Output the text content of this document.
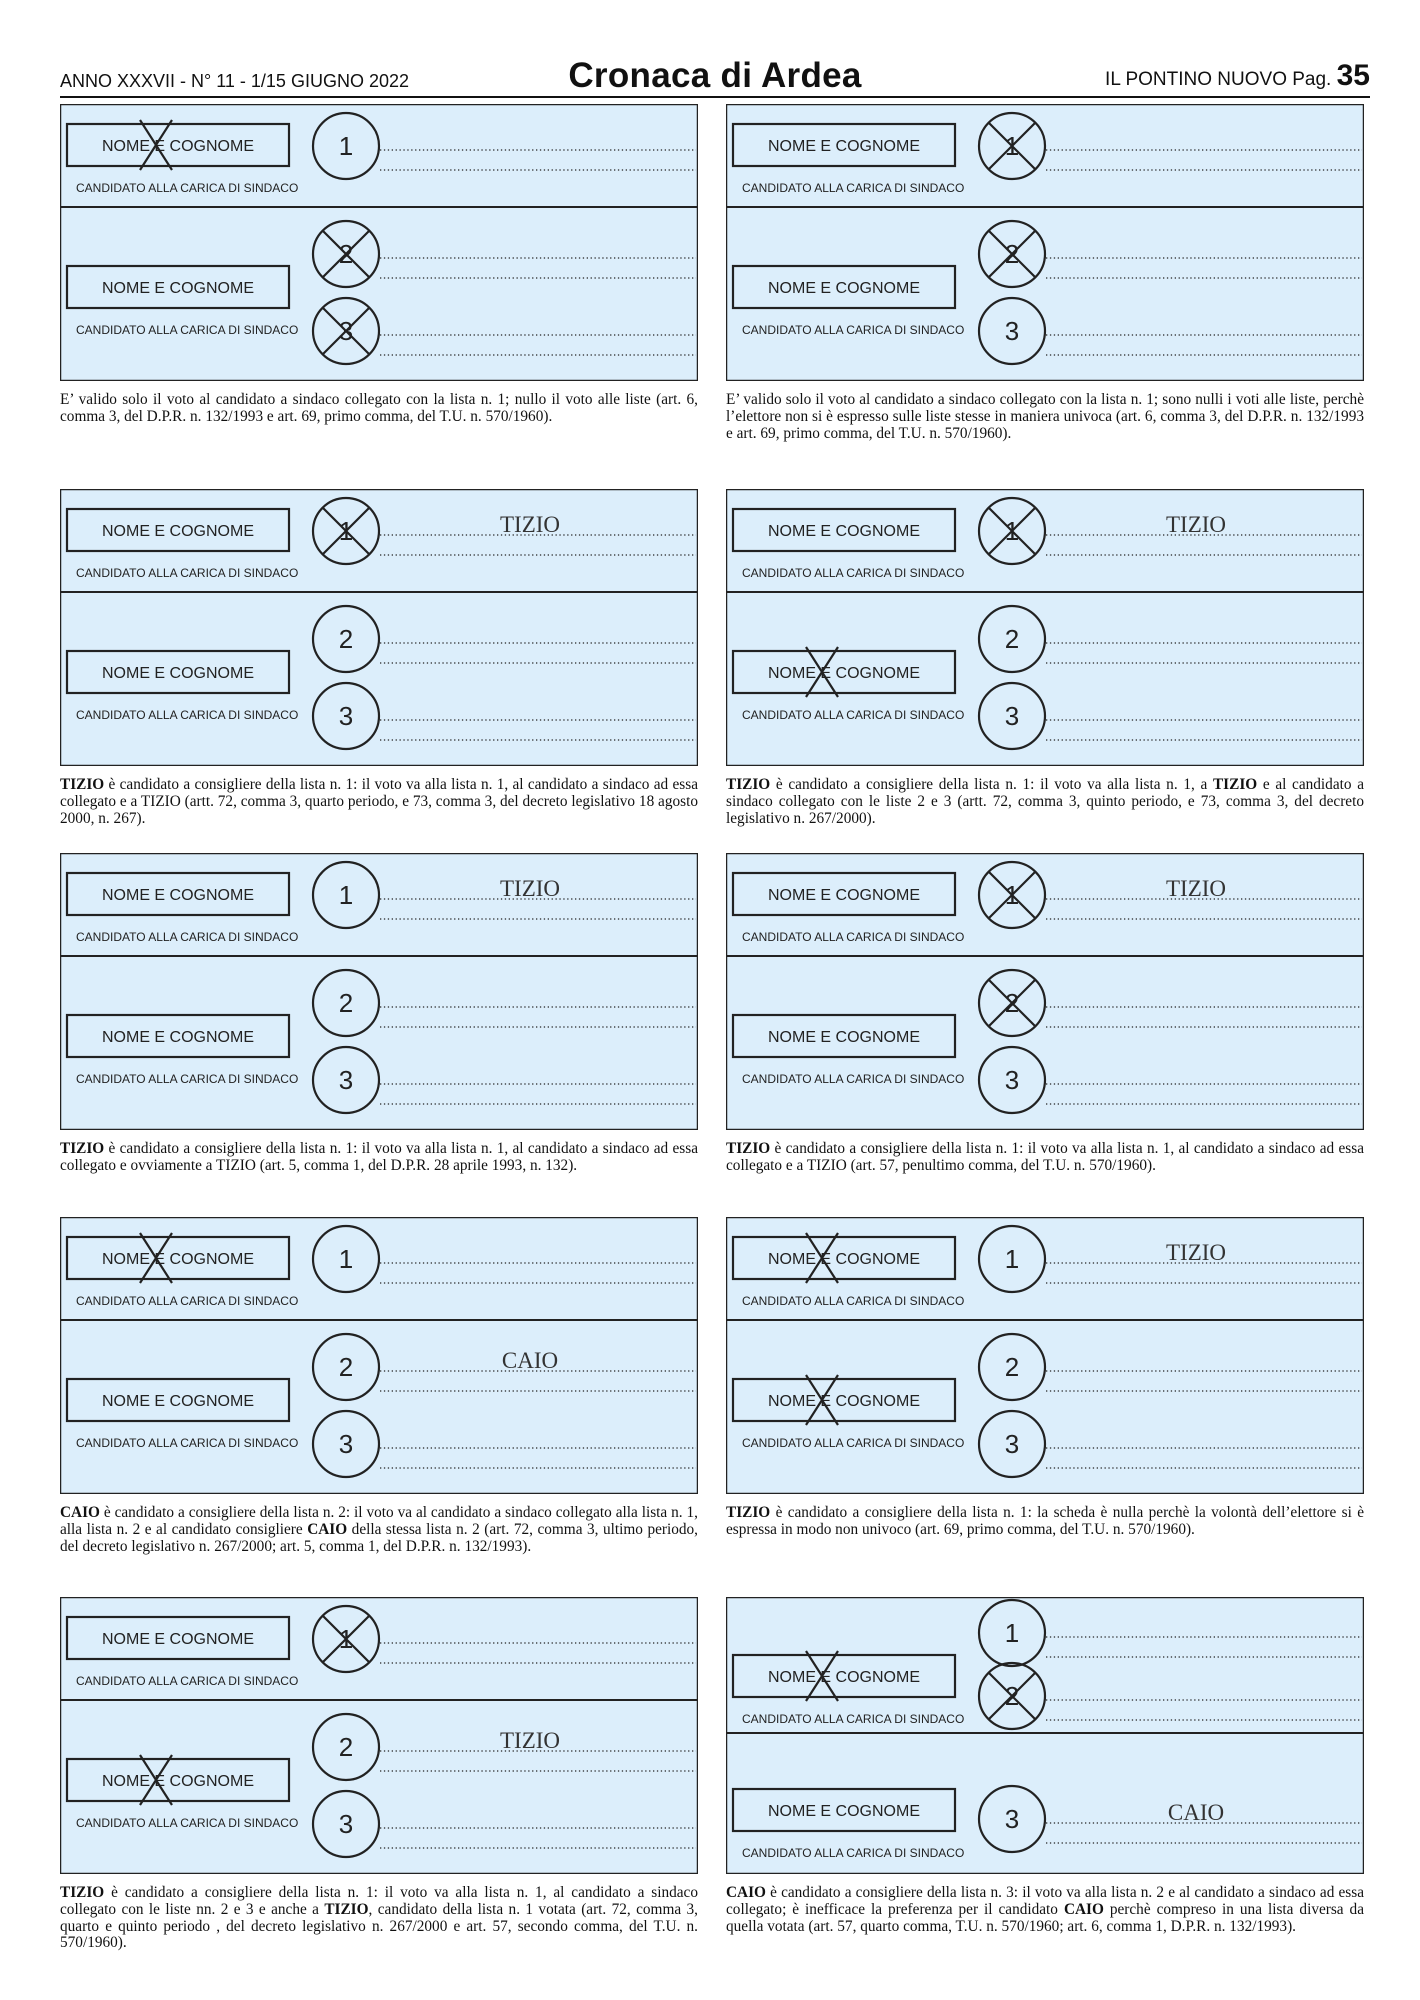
ANNO XXXVII - N° 11 - 1/15 GIUGNO 2022	Cronaca di Ardea	IL PONTINO NUOVO Pag. 35
NOME E COGNOME
CANDIDATO ALLA CARICA DI SINDACO
NOME E COGNOME
CANDIDATO ALLA CARICA DI SINDACO
1
2
3
E’ valido solo il voto al candidato a sindaco collegato con la lista n. 1; nullo il voto alle liste (art. 6, comma 3, del D.P.R. n. 132/1993 e art. 69, primo comma, del T.U. n. 570/1960).
NOME E COGNOME
CANDIDATO ALLA CARICA DI SINDACO
NOME E COGNOME
CANDIDATO ALLA CARICA DI SINDACO
1
2
3
E’ valido solo il voto al candidato a sindaco collegato con la lista n. 1; sono nulli i voti alle liste, perchè l’elettore non si è espresso sulle liste stesse in maniera univoca (art. 6, comma 3, del D.P.R. n. 132/1993 e art. 69, primo comma, del T.U. n. 570/1960).
NOME E COGNOME
CANDIDATO ALLA CARICA DI SINDACO
NOME E COGNOME
CANDIDATO ALLA CARICA DI SINDACO
1	TIZIO
2
3
TIZIO è candidato a consigliere della lista n. 1: il voto va alla lista n. 1, al candidato a sindaco ad essa collegato e a TIZIO (artt. 72, comma 3, quarto periodo, e 73, comma 3, del decreto legislativo 18 agosto 2000, n. 267).
NOME E COGNOME
CANDIDATO ALLA CARICA DI SINDACO
NOME E COGNOME
CANDIDATO ALLA CARICA DI SINDACO
1	TIZIO
2
3
TIZIO è candidato a consigliere della lista n. 1: il voto va alla lista n. 1, a TIZIO e al candidato a sindaco collegato con le liste 2 e 3 (artt. 72, comma 3, quinto periodo, e 73, comma 3, del decreto legislativo n. 267/2000).
NOME E COGNOME
CANDIDATO ALLA CARICA DI SINDACO
NOME E COGNOME
CANDIDATO ALLA CARICA DI SINDACO
1	TIZIO
2
3
TIZIO è candidato a consigliere della lista n. 1: il voto va alla lista n. 1, al candidato a sindaco ad essa collegato e ovviamente a TIZIO (art. 5, comma 1, del D.P.R. 28 aprile 1993, n. 132).
NOME E COGNOME
CANDIDATO ALLA CARICA DI SINDACO
NOME E COGNOME
CANDIDATO ALLA CARICA DI SINDACO
1	TIZIO
2
3
TIZIO è candidato a consigliere della lista n. 1: il voto va alla lista n. 1, al candidato a sindaco ad essa collegato e a TIZIO (art. 57, penultimo comma, del T.U. n. 570/1960).
NOME E COGNOME
CANDIDATO ALLA CARICA DI SINDACO
NOME E COGNOME
CANDIDATO ALLA CARICA DI SINDACO
1
2	CAIO
3
CAIO è candidato a consigliere della lista n. 2: il voto va al candidato a sindaco collegato alla lista n. 1, alla lista n. 2 e al candidato consigliere CAIO della stessa lista n. 2 (art. 72, comma 3, ultimo periodo, del decreto legislativo n. 267/2000; art. 5, comma 1, del D.P.R. n. 132/1993).
NOME E COGNOME
CANDIDATO ALLA CARICA DI SINDACO
NOME E COGNOME
CANDIDATO ALLA CARICA DI SINDACO
1	TIZIO
2
3
TIZIO è candidato a consigliere della lista n. 1: la scheda è nulla perchè la volontà dell’elettore si è espressa in modo non univoco (art. 69, primo comma, del T.U. n. 570/1960).
NOME E COGNOME
CANDIDATO ALLA CARICA DI SINDACO
NOME E COGNOME
CANDIDATO ALLA CARICA DI SINDACO
1
2	TIZIO
3
TIZIO è candidato a consigliere della lista n. 1: il voto va alla lista n. 1, al candidato a sindaco collegato con le liste nn. 2 e 3 e anche a TIZIO, candidato della lista n. 1 votata (art. 72, comma 3, quarto e quinto periodo , del decreto legislativo n. 267/2000 e art. 57, secondo comma, del T.U. n. 570/1960).
NOME E COGNOME
CANDIDATO ALLA CARICA DI SINDACO
NOME E COGNOME
CANDIDATO ALLA CARICA DI SINDACO
1
2
3	CAIO
CAIO è candidato a consigliere della lista n. 3: il voto va alla lista n. 2 e al candidato a sindaco ad essa collegato; è inefficace la preferenza per il candidato CAIO perchè compreso in una lista diversa da quella votata (art. 57, quarto comma, T.U. n. 570/1960; art. 6, comma 1, D.P.R. n. 132/1993).
